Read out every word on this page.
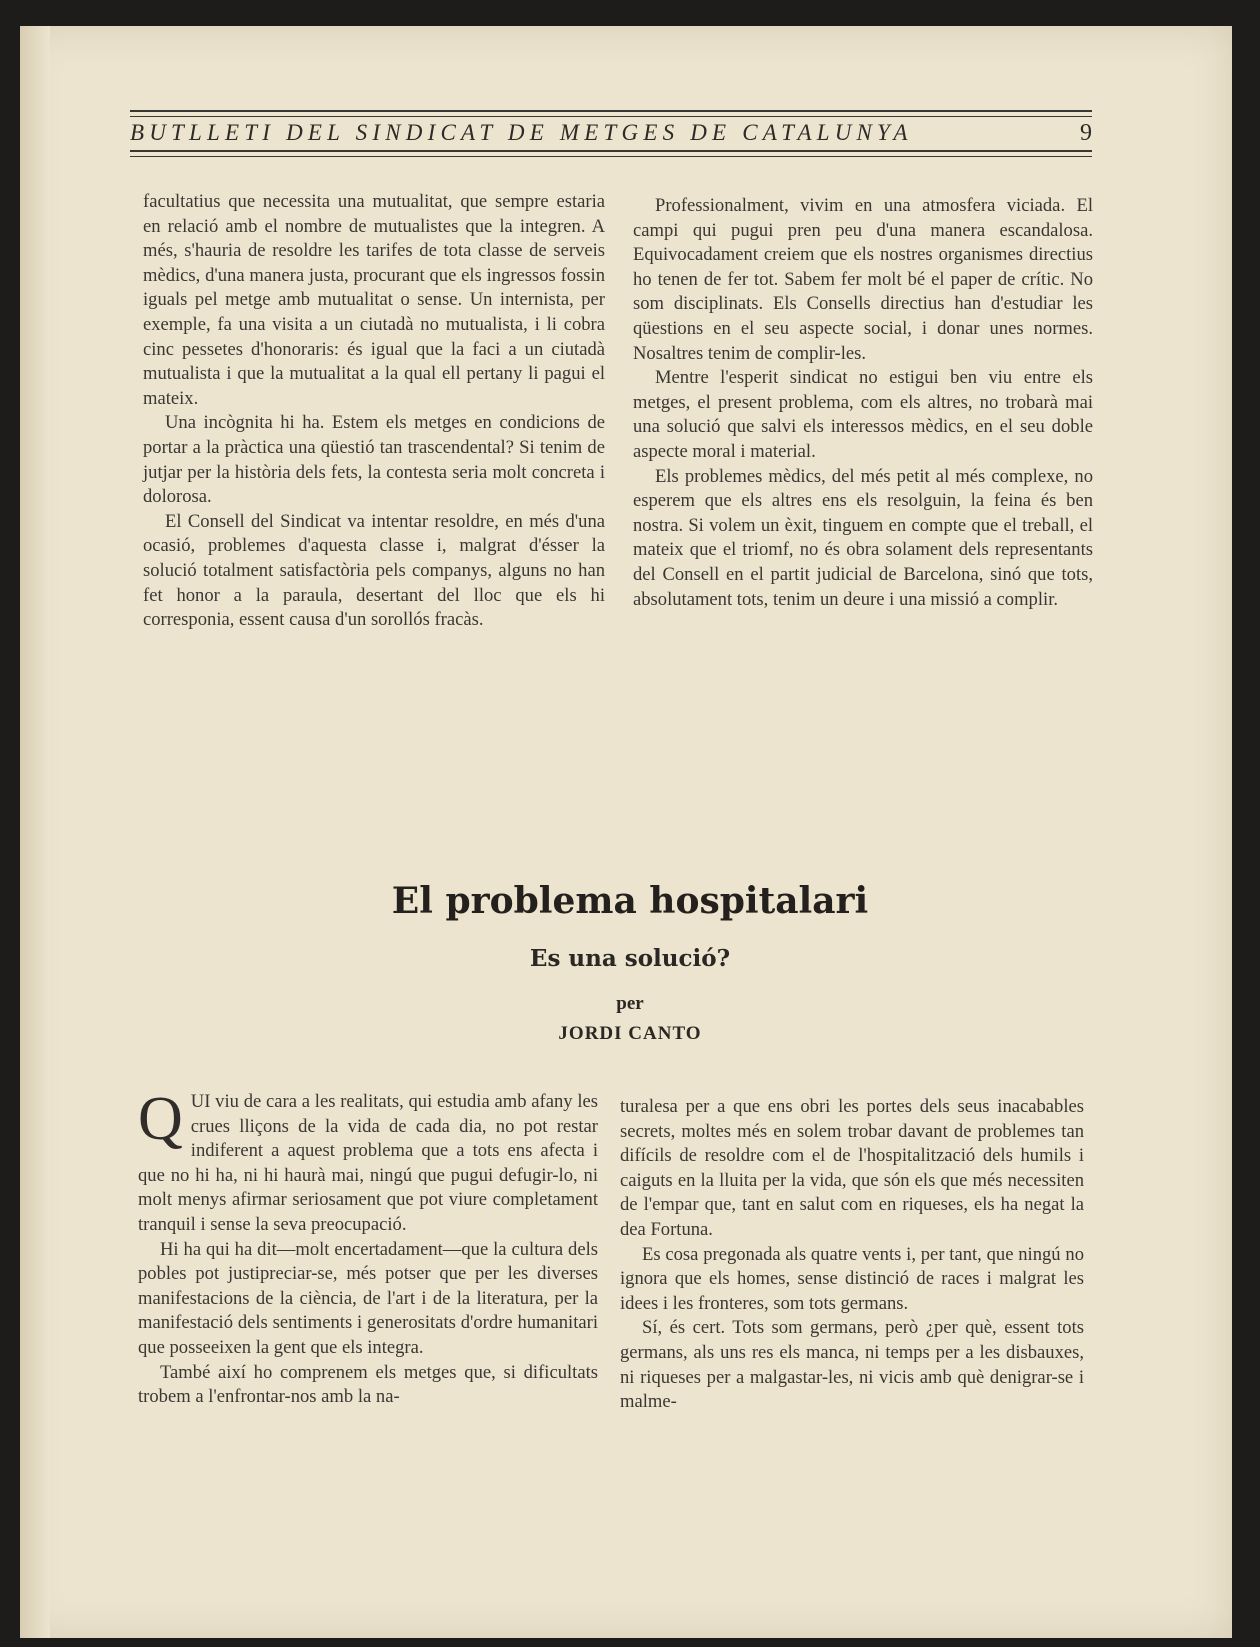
BUTLLETI DEL SINDICAT DE METGES DE CATALUNYA	9

facultatius que necessita una mutualitat, que sempre estaria en relació amb el nombre de mutualistes que la integren. A més, s'hauria de resoldre les tarifes de tota classe de serveis mèdics, d'una manera justa, procurant que els ingressos fossin iguals pel metge amb mutualitat o sense. Un internista, per exemple, fa una visita a un ciutadà no mutualista, i li cobra cinc pessetes d'honoraris: és igual que la faci a un ciutadà mutualista i que la mutualitat a la qual ell pertany li pagui el mateix.

Una incògnita hi ha. Estem els metges en condicions de portar a la pràctica una qüestió tan trascendental? Si tenim de jutjar per la història dels fets, la contesta seria molt concreta i dolorosa.

El Consell del Sindicat va intentar resoldre, en més d'una ocasió, problemes d'aquesta classe i, malgrat d'ésser la solució totalment satisfactòria pels companys, alguns no han fet honor a la paraula, desertant del lloc que els hi corresponia, essent causa d'un sorollós fracàs.

Professionalment, vivim en una atmosfera viciada. El campi qui pugui pren peu d'una manera escandalosa. Equivocadament creiem que els nostres organismes directius ho tenen de fer tot. Sabem fer molt bé el paper de crític. No som disciplinats. Els Consells directius han d'estudiar les qüestions en el seu aspecte social, i donar unes normes. Nosaltres tenim de complir-les.

Mentre l'esperit sindicat no estigui ben viu entre els metges, el present problema, com els altres, no trobarà mai una solució que salvi els interessos mèdics, en el seu doble aspecte moral i material.

Els problemes mèdics, del més petit al més complexe, no esperem que els altres ens els resolguin, la feina és ben nostra. Si volem un èxit, tinguem en compte que el treball, el mateix que el triomf, no és obra solament dels representants del Consell en el partit judicial de Barcelona, sinó que tots, absolutament tots, tenim un deure i una missió a complir.

El problema hospitalari
Es una solució?
per
JORDI CANTO

QUI viu de cara a les realitats, qui estudia amb afany les crues lliçons de la vida de cada dia, no pot restar indiferent a aquest problema que a tots ens afecta i que no hi ha, ni hi haurà mai, ningú que pugui defugir-lo, ni molt menys afirmar seriosament que pot viure completament tranquil i sense la seva preocupació.

Hi ha qui ha dit—molt encertadament—que la cultura dels pobles pot justipreciar-se, més potser que per les diverses manifestacions de la ciència, de l'art i de la literatura, per la manifestació dels sentiments i generositats d'ordre humanitari que posseeixen la gent que els integra.

També així ho comprenem els metges que, si dificultats trobem a l'enfrontar-nos amb la na-

turalesa per a que ens obri les portes dels seus inacabables secrets, moltes més en solem trobar davant de problemes tan difícils de resoldre com el de l'hospitalització dels humils i caiguts en la lluita per la vida, que són els que més necessiten de l'empar que, tant en salut com en riqueses, els ha negat la dea Fortuna.

Es cosa pregonada als quatre vents i, per tant, que ningú no ignora que els homes, sense distinció de races i malgrat les idees i les fronteres, som tots germans.

Sí, és cert. Tots som germans, però ¿per què, essent tots germans, als uns res els manca, ni temps per a les disbauxes, ni riqueses per a malgastar-les, ni vicis amb què denigrar-se i malme-
